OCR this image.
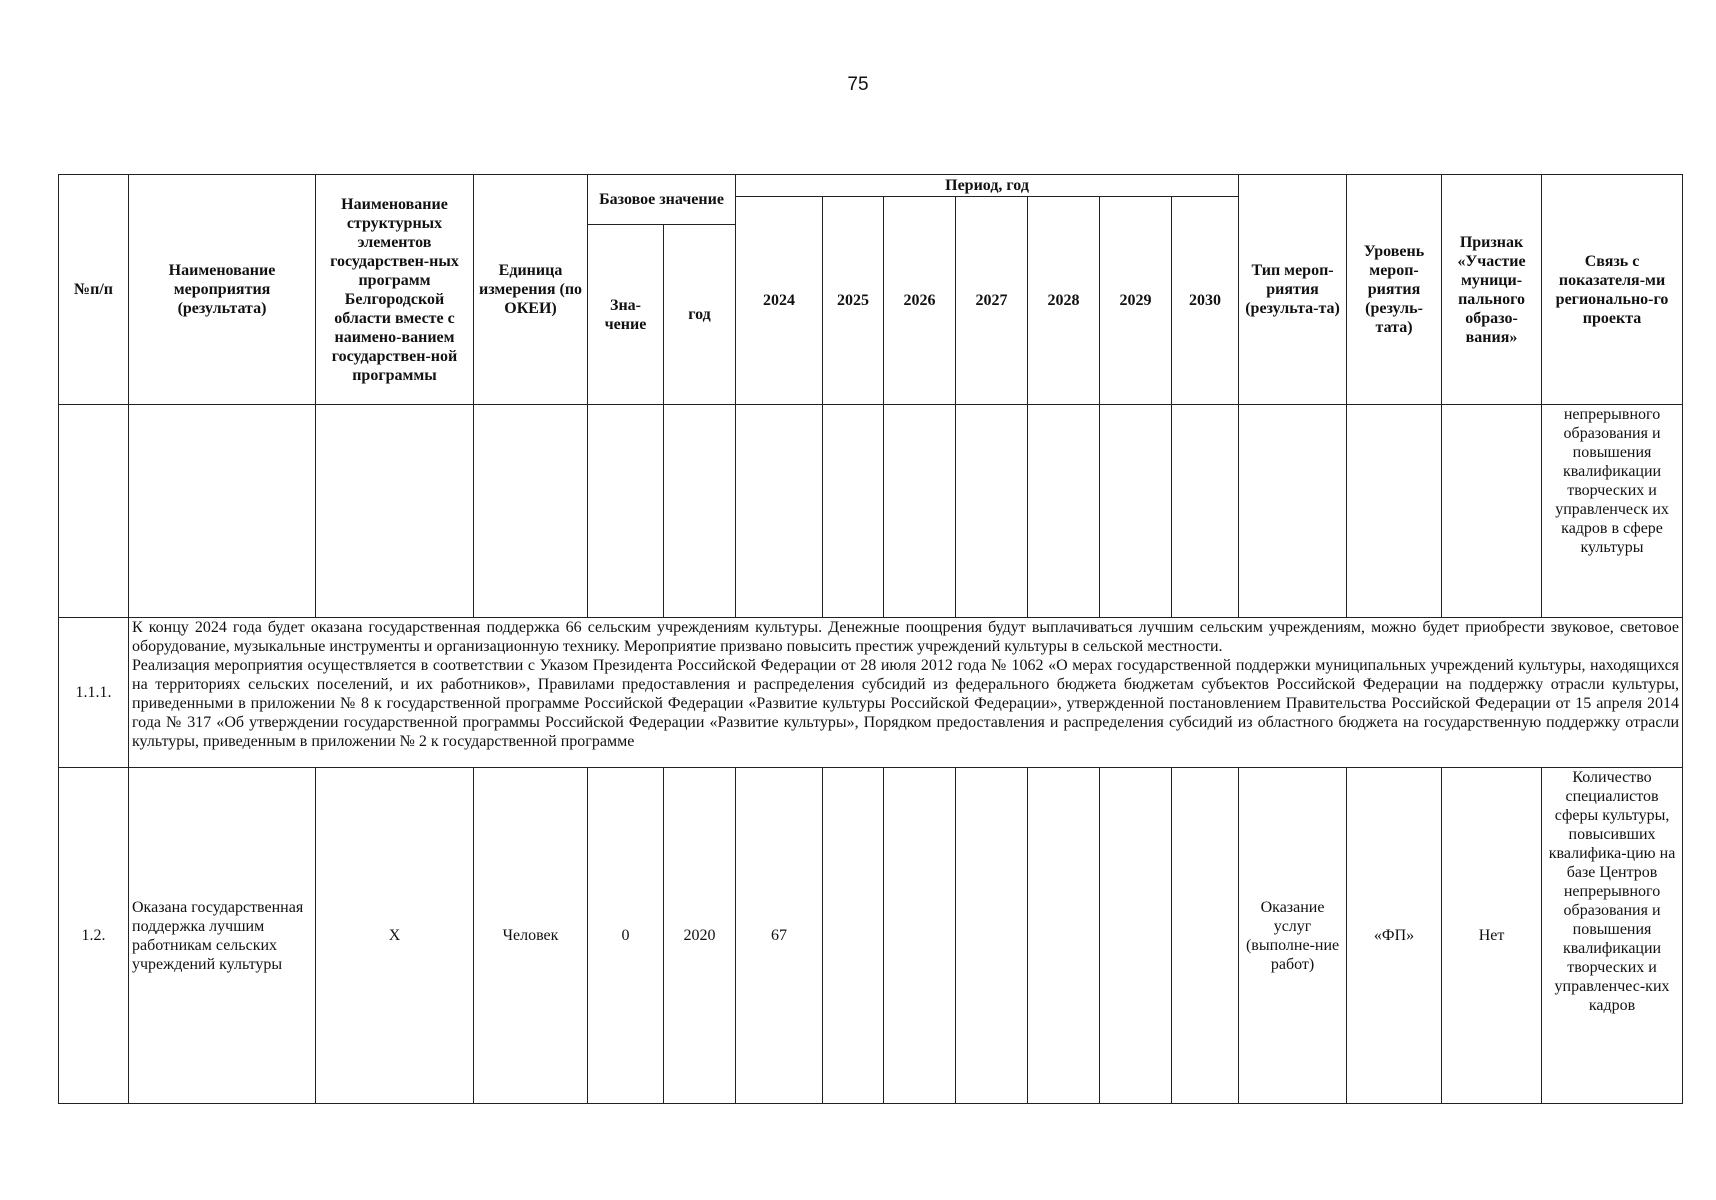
75
№п/п	Наименование мероприятия (результата)	Наименование структурных элементов государствен-ных программ Белгородской области вместе с наимено-ванием государствен-ной программы	Единица измерения (по ОКЕИ)	Базовое значение		Период, год							Тип мероп-риятия (результа-та)	Уровень мероп-риятия (резуль-тата)	Признак «Участие муници-пального образо-вания»	Связь с показателя-ми регионально-го проекта
						2024	2025	2026	2027	2028	2029	2030				
				Зна-чение	год											

																непрерывного образования и повышения квалификации творческих и управленческ их кадров в сфере культуры

1.1.1.	К концу 2024 года будет оказана государственная поддержка 66 сельским учреждениям культуры. Денежные поощрения будут выплачиваться лучшим сельским учреждениям, можно будет приобрести звуковое, световое оборудование, музыкальные инструменты и организационную технику. Мероприятие призвано повысить престиж учреждений культуры в сельской местности.
Реализация мероприятия осуществляется в соответствии с Указом Президента Российской Федерации от 28 июля 2012 года № 1062 «О мерах государственной поддержки муниципальных учреждений культуры, находящихся на территориях сельских поселений, и их работников», Правилами предоставления и распределения субсидий из федерального бюджета бюджетам субъектов Российской Федерации на поддержку отрасли культуры, приведенными в приложении № 8 к государственной программе Российской Федерации «Развитие культуры Российской Федерации», утвержденной постановлением Правительства Российской Федерации от 15 апреля 2014 года № 317 «Об утверждении государственной программы Российской Федерации «Развитие культуры», Порядком предоставления и распределения субсидий из областного бюджета на государственную поддержку отрасли культуры, приведенным в приложении № 2 к государственной программе															

1.2.	Оказана государственная поддержка лучшим работникам сельских учреждений культуры	X	Человек	0	2020	67							Оказание услуг (выполне-ние работ)	«ФП»	Нет	Количество специалистов сферы культуры, повысивших квалифика-цию на базе Центров непрерывного образования и повышения квалификации творческих и управленчес-ких кадров
